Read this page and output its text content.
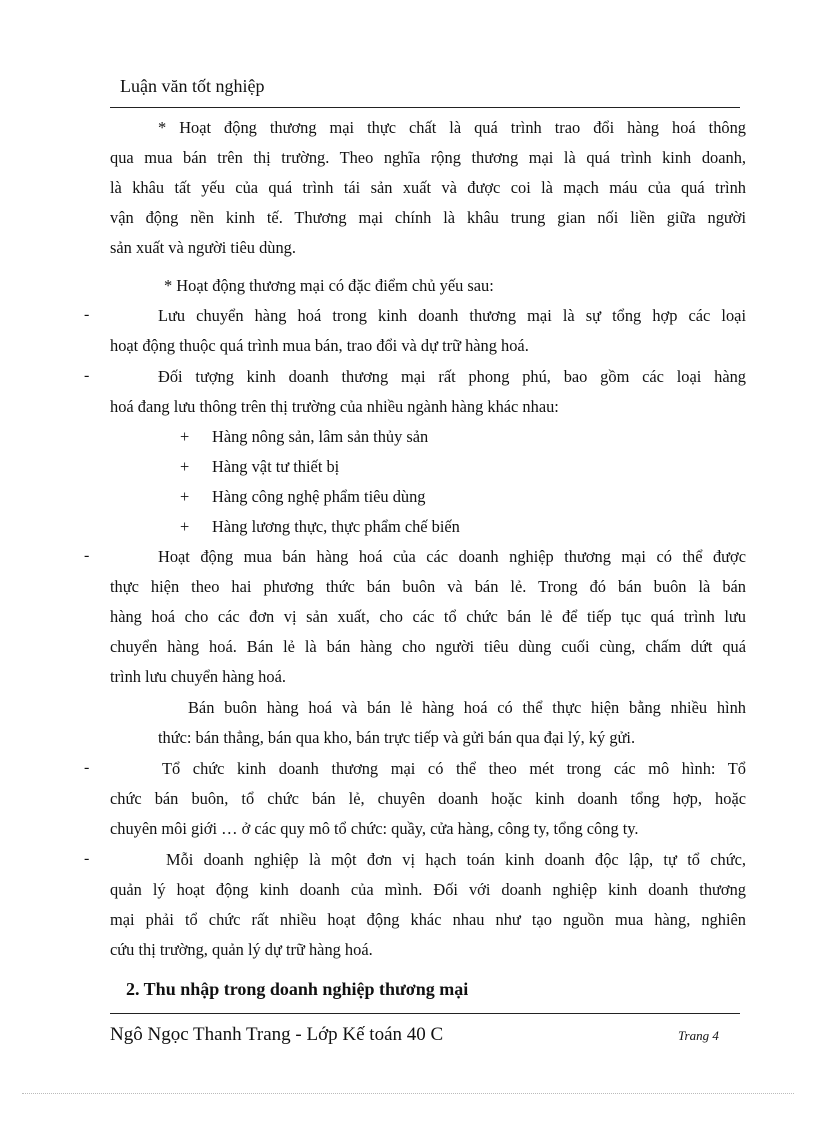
Luận văn tốt nghiệp
* Hoạt động thương mại thực chất là quá trình trao đổi hàng hoá thông
qua mua bán trên thị trường. Theo nghĩa rộng thương mại là quá trình kinh doanh,
là khâu tất yếu của quá trình tái sản xuất và được coi là mạch máu của quá trình
vận động nền kinh tế. Thương mại chính là khâu trung gian nối liền giữa người
sản xuất và người tiêu dùng.
* Hoạt động thương mại có đặc điểm chủ yếu sau:
-	Lưu chuyển hàng hoá trong kinh doanh thương mại là sự tổng hợp các loại
hoạt động thuộc quá trình mua bán, trao đổi và dự trữ hàng hoá.
-	Đối tượng kinh doanh thương mại rất phong phú, bao gồm các loại hàng
hoá đang lưu thông trên thị trường của nhiều ngành hàng khác nhau:
+ Hàng nông sản, lâm sản thủy sản
+ Hàng vật tư thiết bị
+ Hàng công nghệ phẩm tiêu dùng
+ Hàng lương thực, thực phẩm chế biến
-	Hoạt động mua bán hàng hoá của các doanh nghiệp thương mại có thể được
thực hiện theo hai phương thức bán buôn và bán lẻ. Trong đó bán buôn là bán
hàng hoá cho các đơn vị sản xuất, cho các tổ chức bán lẻ để tiếp tục quá trình lưu
chuyển hàng hoá. Bán lẻ là bán hàng cho người tiêu dùng cuối cùng, chấm dứt quá
trình lưu chuyển hàng hoá.
Bán buôn hàng hoá và bán lẻ hàng hoá có thể thực hiện bằng nhiều hình
thức: bán thẳng, bán qua kho, bán trực tiếp và gửi bán qua đại lý, ký gửi.
-	Tổ chức kinh doanh thương mại có thể theo mét trong các mô hình: Tổ
chức bán buôn, tổ chức bán lẻ, chuyên doanh hoặc kinh doanh tổng hợp, hoặc
chuyên môi giới … ở các quy mô tổ chức: quầy, cửa hàng, công ty, tổng công ty.
-	Mỗi doanh nghiệp là một đơn vị hạch toán kinh doanh độc lập, tự tổ chức,
quản lý hoạt động kinh doanh của mình. Đối với doanh nghiệp kinh doanh thương
mại phải tổ chức rất nhiều hoạt động khác nhau như tạo nguồn mua hàng, nghiên
cứu thị trường, quản lý dự trữ hàng hoá.
2. Thu nhập trong doanh nghiệp thương mại
Ngô Ngọc Thanh Trang - Lớp Kế toán 40 C	Trang 4
